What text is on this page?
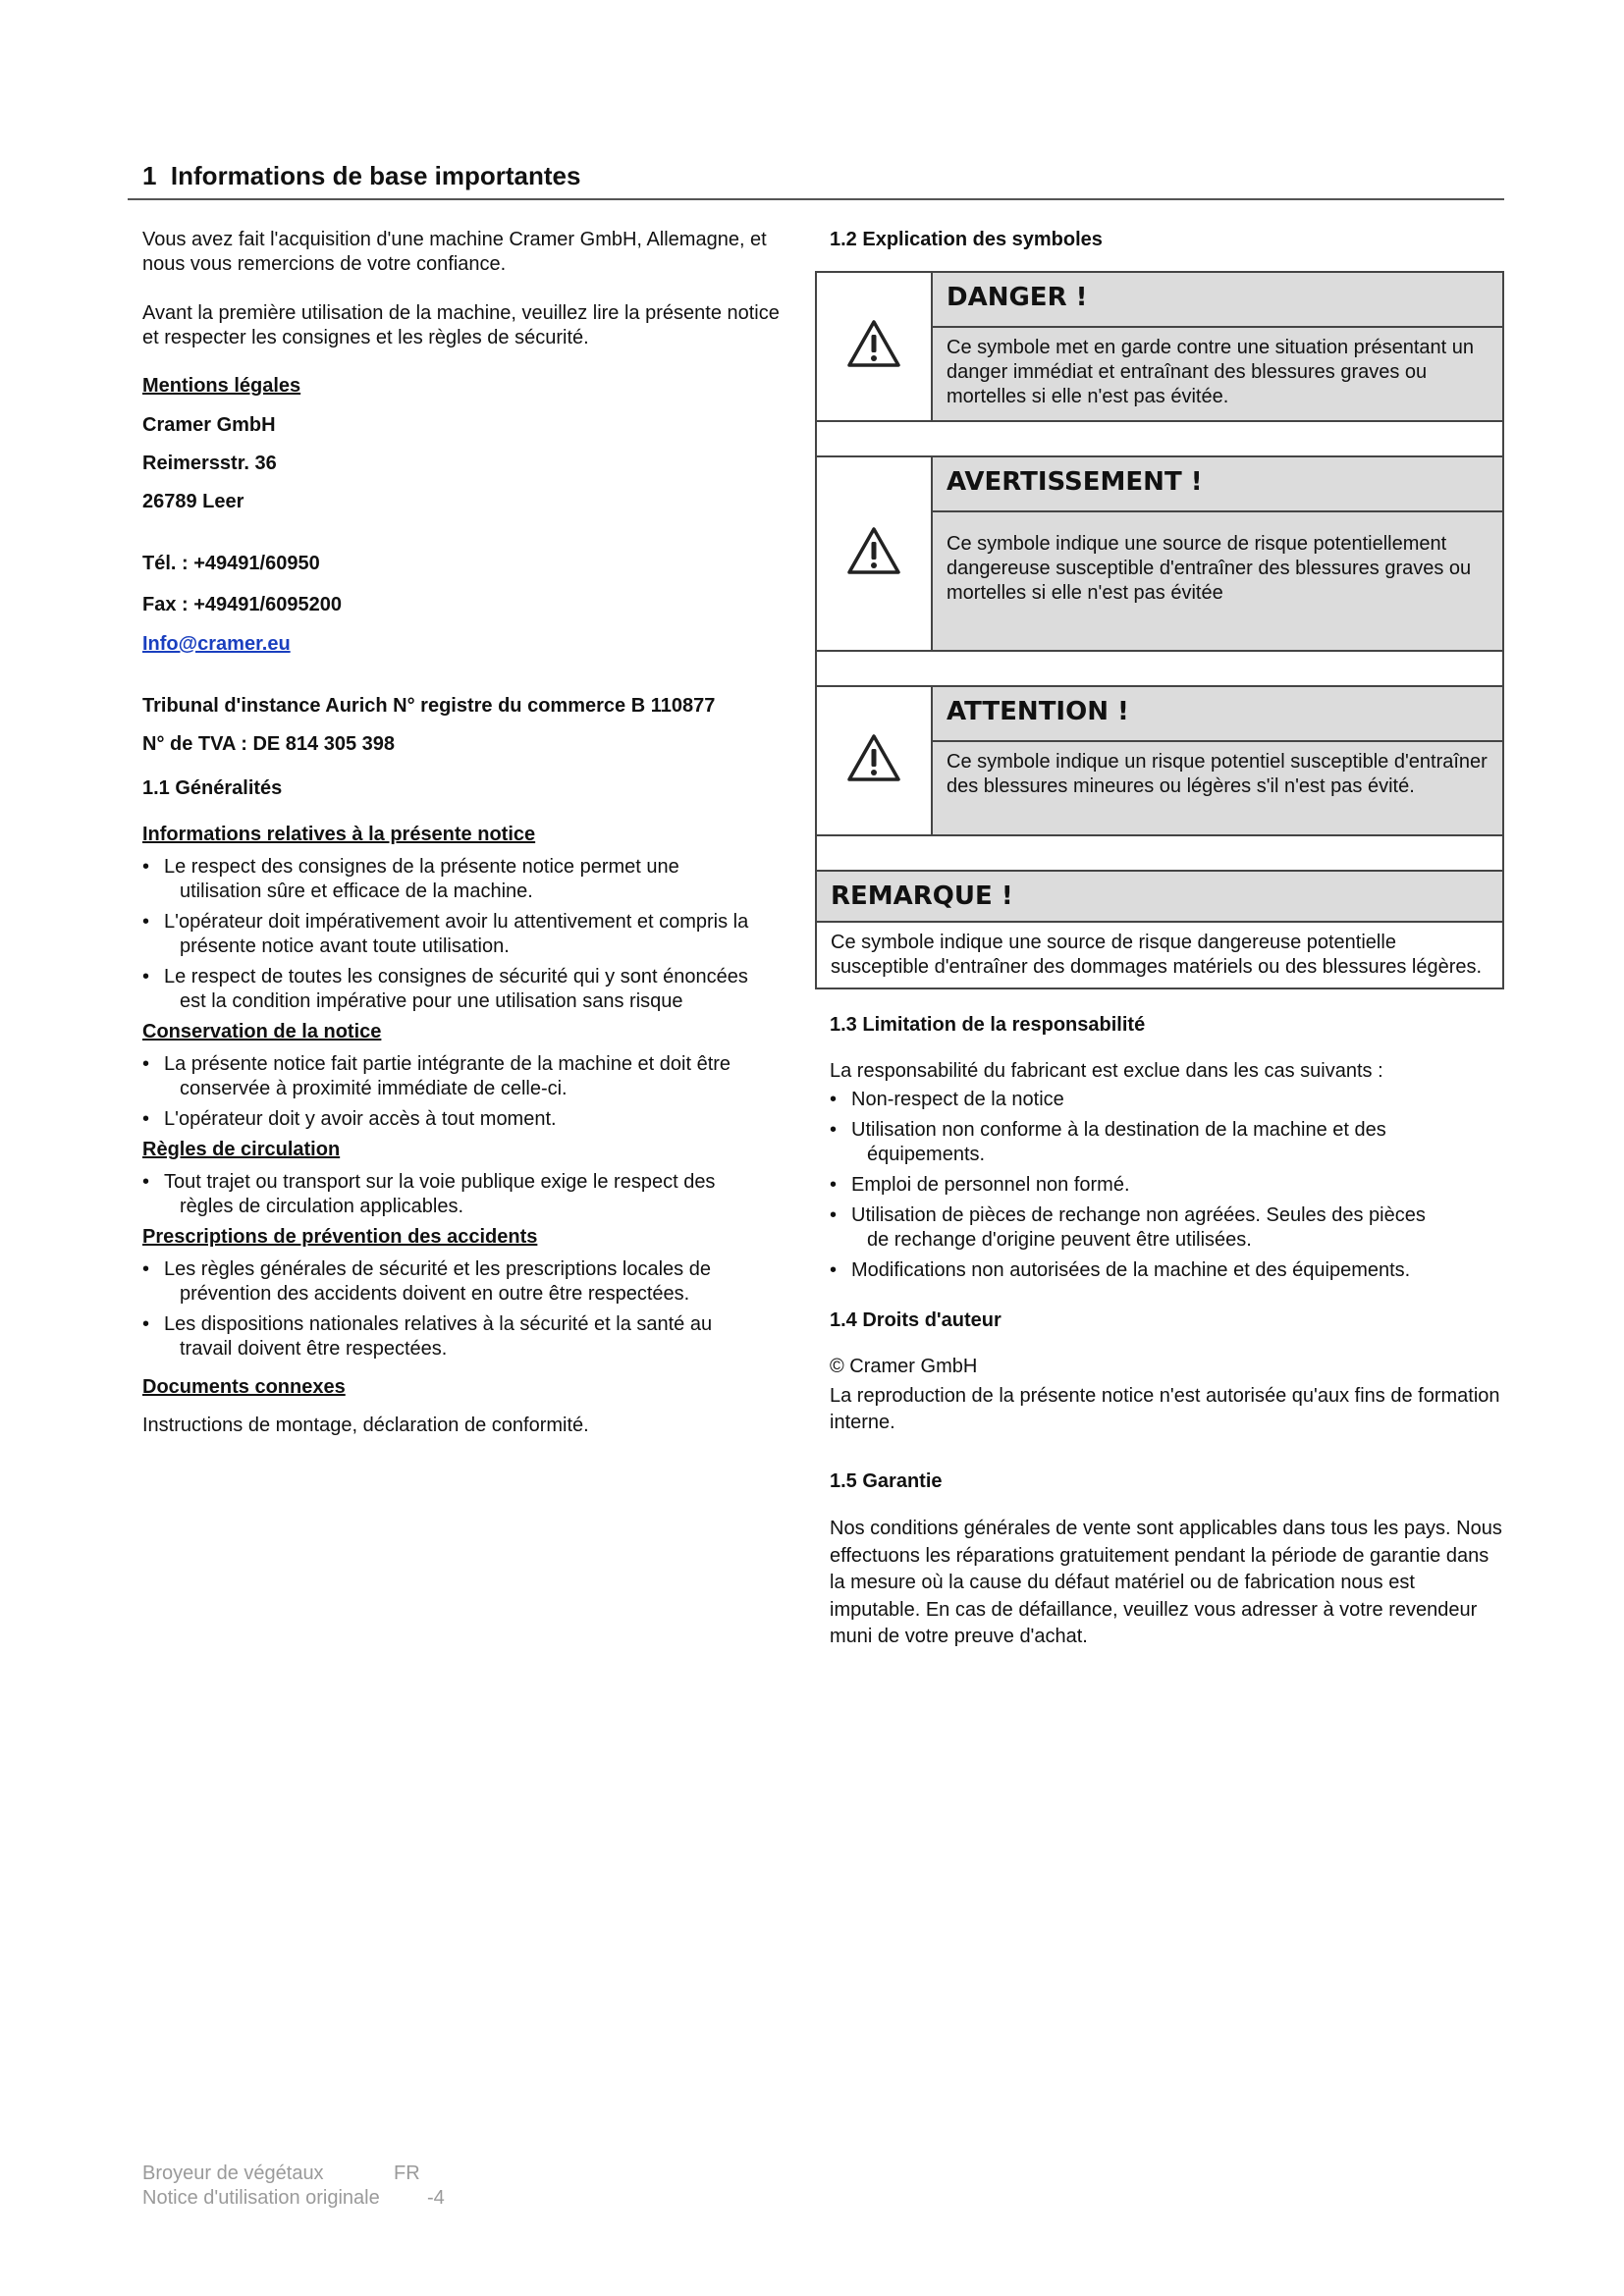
1 Informations de base importantes

Vous avez fait l'acquisition d'une machine Cramer GmbH, Allemagne, et nous vous remercions de votre confiance.

Avant la première utilisation de la machine, veuillez lire la présente notice et respecter les consignes et les règles de sécurité.

Mentions légales

Cramer GmbH

Reimersstr. 36

26789 Leer

Tél. : +49491/60950

Fax : +49491/6095200

Info@cramer.eu

Tribunal d'instance Aurich N° registre du commerce B 110877

N° de TVA : DE 814 305 398

1.1 Généralités

Informations relatives à la présente notice

• Le respect des consignes de la présente notice permet une
utilisation sûre et efficace de la machine.
• L'opérateur doit impérativement avoir lu attentivement et compris la
présente notice avant toute utilisation.
• Le respect de toutes les consignes de sécurité qui y sont énoncées
est la condition impérative pour une utilisation sans risque

Conservation de la notice

• La présente notice fait partie intégrante de la machine et doit être
conservée à proximité immédiate de celle-ci.
• L'opérateur doit y avoir accès à tout moment.

Règles de circulation

• Tout trajet ou transport sur la voie publique exige le respect des
règles de circulation applicables.

Prescriptions de prévention des accidents

• Les règles générales de sécurité et les prescriptions locales de
prévention des accidents doivent en outre être respectées.
• Les dispositions nationales relatives à la sécurité et la santé au
travail doivent être respectées.

Documents connexes

Instructions de montage, déclaration de conformité.

1.2 Explication des symboles

	DANGER !
	Ce symbole met en garde contre une situation présentant un danger immédiat et entraînant des blessures graves ou mortelles si elle n'est pas évitée.

	AVERTISSEMENT !
	Ce symbole indique une source de risque potentiellement dangereuse susceptible d'entraîner des blessures graves ou mortelles si elle n'est pas évitée

	ATTENTION !
	Ce symbole indique un risque potentiel susceptible d'entraîner des blessures mineures ou légères s'il n'est pas évité.

REMARQUE !	
Ce symbole indique une source de risque dangereuse potentielle susceptible d'entraîner des dommages matériels ou des blessures légères.	

1.3 Limitation de la responsabilité

La responsabilité du fabricant est exclue dans les cas suivants :

• Non-respect de la notice
• Utilisation non conforme à la destination de la machine et des
équipements.
• Emploi de personnel non formé.
• Utilisation de pièces de rechange non agréées. Seules des pièces
de rechange d'origine peuvent être utilisées.
• Modifications non autorisées de la machine et des équipements.

1.4 Droits d'auteur

© Cramer GmbH

La reproduction de la présente notice n'est autorisée qu'aux fins de formation interne.

1.5 Garantie

Nos conditions générales de vente sont applicables dans tous les pays. Nous effectuons les réparations gratuitement pendant la période de garantie dans la mesure où la cause du défaut matériel ou de fabrication nous est imputable. En cas de défaillance, veuillez vous adresser à votre revendeur muni de votre preuve d'achat.

Broyeur de végétaux	FR
Notice d'utilisation originale -4
